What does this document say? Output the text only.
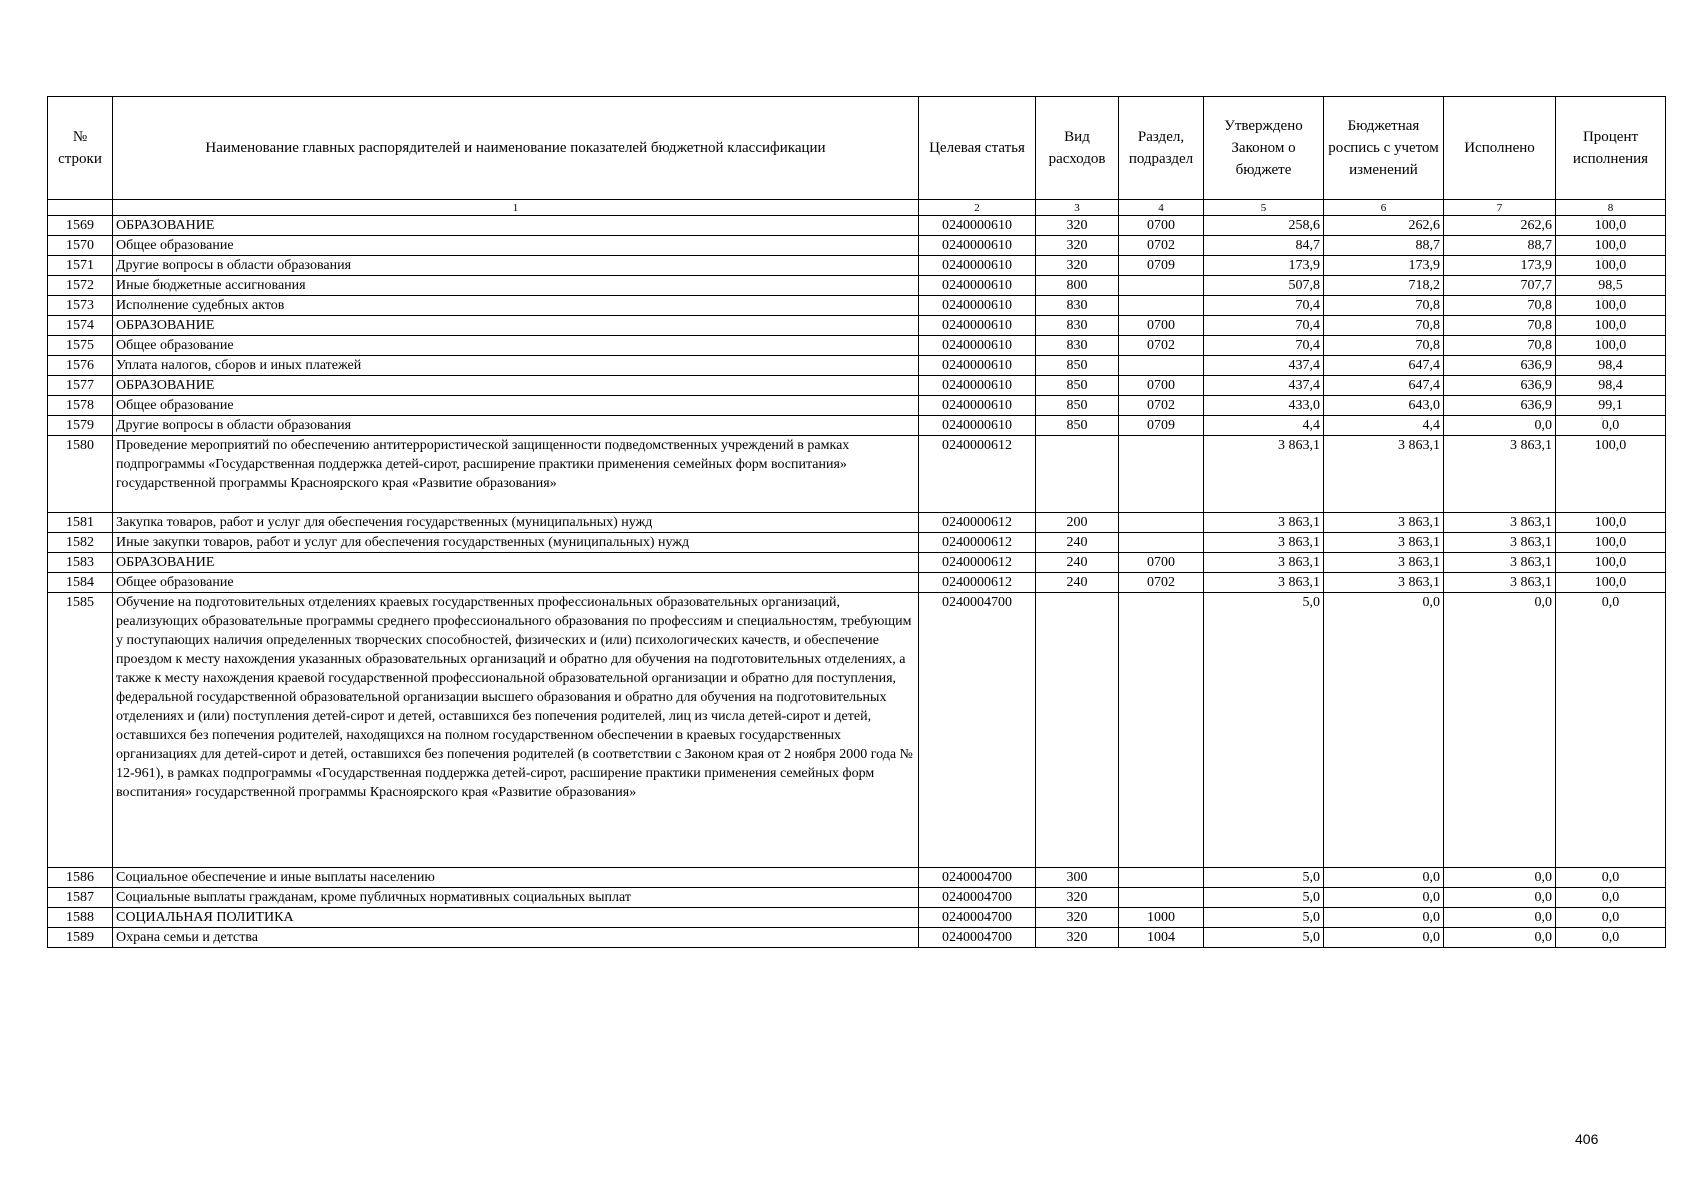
№ строки	Наименование главных распорядителей и наименование показателей бюджетной классификации	Целевая статья	Вид расходов	Раздел, подраздел	Утверждено Законом о бюджете	Бюджетная роспись с учетом изменений	Исполнено	Процент исполнения
	1	2	3	4	5	6	7	8
1569	ОБРАЗОВАНИЕ	0240000610	320	0700	258,6	262,6	262,6	100,0
1570	Общее образование	0240000610	320	0702	84,7	88,7	88,7	100,0
1571	Другие вопросы в области образования	0240000610	320	0709	173,9	173,9	173,9	100,0
1572	Иные бюджетные ассигнования	0240000610	800		507,8	718,2	707,7	98,5
1573	Исполнение судебных актов	0240000610	830		70,4	70,8	70,8	100,0
1574	ОБРАЗОВАНИЕ	0240000610	830	0700	70,4	70,8	70,8	100,0
1575	Общее образование	0240000610	830	0702	70,4	70,8	70,8	100,0
1576	Уплата налогов, сборов и иных платежей	0240000610	850		437,4	647,4	636,9	98,4
1577	ОБРАЗОВАНИЕ	0240000610	850	0700	437,4	647,4	636,9	98,4
1578	Общее образование	0240000610	850	0702	433,0	643,0	636,9	99,1
1579	Другие вопросы в области образования	0240000610	850	0709	4,4	4,4	0,0	0,0
1580	Проведение мероприятий по обеспечению антитеррористической защищенности подведомственных учреждений в рамках подпрограммы «Государственная поддержка детей-сирот, расширение практики применения семейных форм воспитания» государственной программы Красноярского края «Развитие образования»	0240000612			3 863,1	3 863,1	3 863,1	100,0
1581	Закупка товаров, работ и услуг для обеспечения государственных (муниципальных) нужд	0240000612	200		3 863,1	3 863,1	3 863,1	100,0
1582	Иные закупки товаров, работ и услуг для обеспечения государственных (муниципальных) нужд	0240000612	240		3 863,1	3 863,1	3 863,1	100,0
1583	ОБРАЗОВАНИЕ	0240000612	240	0700	3 863,1	3 863,1	3 863,1	100,0
1584	Общее образование	0240000612	240	0702	3 863,1	3 863,1	3 863,1	100,0
1585	Обучение на подготовительных отделениях краевых государственных профессиональных образовательных организаций, реализующих образовательные программы среднего профессионального образования по профессиям и специальностям, требующим у поступающих наличия определенных творческих способностей, физических и (или) психологических качеств, и обеспечение проездом к месту нахождения указанных образовательных организаций и обратно для обучения на подготовительных отделениях, а также к месту нахождения краевой государственной профессиональной образовательной организации и обратно для поступления, федеральной государственной образовательной организации высшего образования и обратно для обучения на подготовительных отделениях и (или) поступления детей-сирот и детей, оставшихся без попечения родителей, лиц из числа детей-сирот и детей, оставшихся без попечения родителей, находящихся на полном государственном обеспечении в краевых государственных организациях для детей-сирот и детей, оставшихся без попечения родителей (в соответствии с Законом края от 2 ноября 2000 года № 12-961), в рамках подпрограммы «Государственная поддержка детей-сирот, расширение практики применения семейных форм воспитания» государственной программы Красноярского края «Развитие образования»	0240004700			5,0	0,0	0,0	0,0
1586	Социальное обеспечение и иные выплаты населению	0240004700	300		5,0	0,0	0,0	0,0
1587	Социальные выплаты гражданам, кроме публичных нормативных социальных выплат	0240004700	320		5,0	0,0	0,0	0,0
1588	СОЦИАЛЬНАЯ ПОЛИТИКА	0240004700	320	1000	5,0	0,0	0,0	0,0
1589	Охрана семьи и детства	0240004700	320	1004	5,0	0,0	0,0	0,0
406
